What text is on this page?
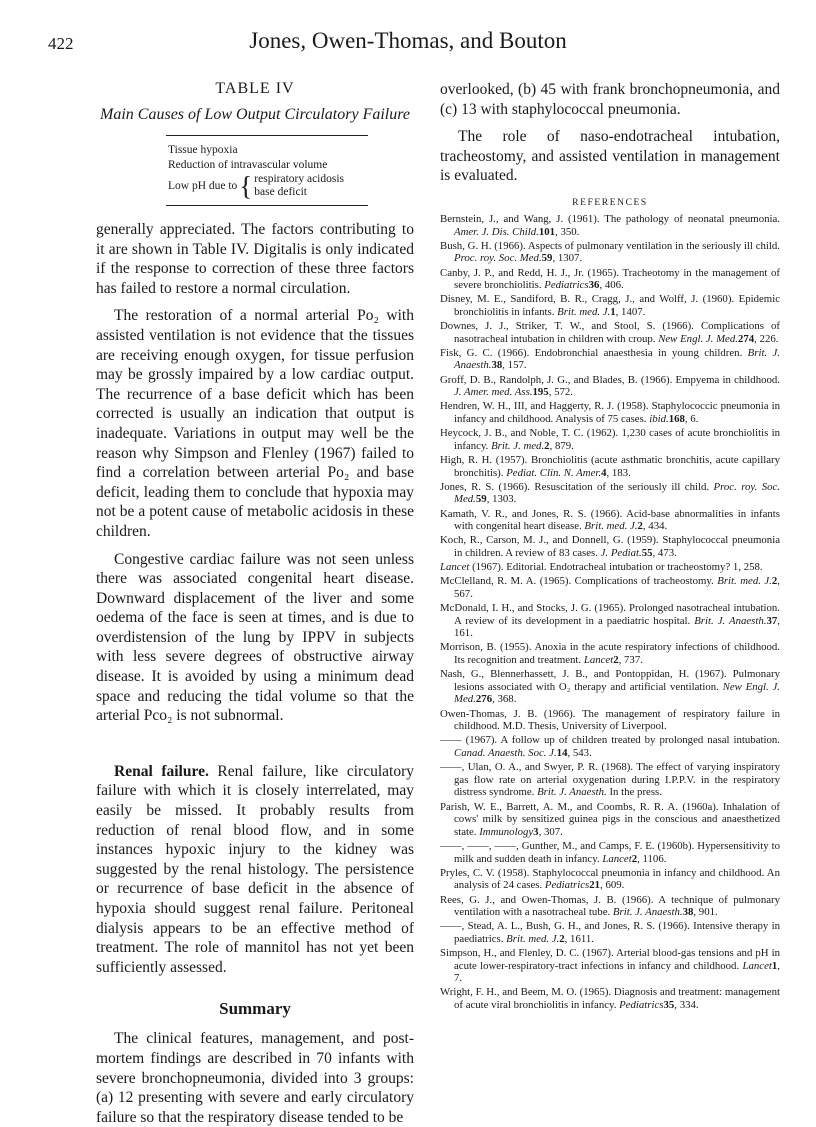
422	Jones, Owen-Thomas, and Bouton
TABLE IV
Main Causes of Low Output Circulatory Failure
Tissue hypoxia
Reduction of intravascular volume
Low pH due to { respiratory acidosis
base deficit

generally appreciated. The factors contributing to it are shown in Table IV. Digitalis is only indicated if the response to correction of these three factors has failed to restore a normal circulation.

The restoration of a normal arterial Po₂ with assisted ventilation is not evidence that the tissues are receiving enough oxygen, for tissue perfusion may be grossly impaired by a low cardiac output. The recurrence of a base deficit which has been corrected is usually an indication that output is inadequate. Variations in output may well be the reason why Simpson and Flenley (1967) failed to find a correlation between arterial Po₂ and base deficit, leading them to conclude that hypoxia may not be a potent cause of metabolic acidosis in these children.

Congestive cardiac failure was not seen unless there was associated congenital heart disease. Downward displacement of the liver and some oedema of the face is seen at times, and is due to overdistension of the lung by IPPV in subjects with less severe degrees of obstructive airway disease. It is avoided by using a minimum dead space and reducing the tidal volume so that the arterial Pco₂ is not subnormal.

Renal failure. Renal failure, like circulatory failure with which it is closely interrelated, may easily be missed. It probably results from reduction of renal blood flow, and in some instances hypoxic injury to the kidney was suggested by the renal histology. The persistence or recurrence of base deficit in the absence of hypoxia should suggest renal failure. Peritoneal dialysis appears to be an effective method of treatment. The role of mannitol has not yet been sufficiently assessed.

Summary

The clinical features, management, and post-mortem findings are described in 70 infants with severe bronchopneumonia, divided into 3 groups: (a) 12 presenting with severe and early circulatory failure so that the respiratory disease tended to be

overlooked, (b) 45 with frank bronchopneumonia, and (c) 13 with staphylococcal pneumonia.

The role of naso-endotracheal intubation, tracheostomy, and assisted ventilation in management is evaluated.

REFERENCES
Bernstein, J., and Wang, J. (1961). The pathology of neonatal pneumonia. Amer. J. Dis. Child.101, 350.
Bush, G. H. (1966). Aspects of pulmonary ventilation in the seriously ill child. Proc. roy. Soc. Med.59, 1307.
Canby, J. P., and Redd, H. J., Jr. (1965). Tracheotomy in the management of severe bronchiolitis. Pediatrics36, 406.
Disney, M. E., Sandiford, B. R., Cragg, J., and Wolff, J. (1960). Epidemic bronchiolitis in infants. Brit. med. J.1, 1407.
Downes, J. J., Striker, T. W., and Stool, S. (1966). Complications of nasotracheal intubation in children with croup. New Engl. J. Med.274, 226.
Fisk, G. C. (1966). Endobronchial anaesthesia in young children. Brit. J. Anaesth.38, 157.
Groff, D. B., Randolph, J. G., and Blades, B. (1966). Empyema in childhood. J. Amer. med. Ass.195, 572.
Hendren, W. H., III, and Haggerty, R. J. (1958). Staphylococcic pneumonia in infancy and childhood. Analysis of 75 cases. ibid.168, 6.
Heycock, J. B., and Noble, T. C. (1962). 1,230 cases of acute bronchiolitis in infancy. Brit. J. med.2, 879.
High, R. H. (1957). Bronchiolitis (acute asthmatic bronchitis, acute capillary bronchitis). Pediat. Clin. N. Amer.4, 183.
Jones, R. S. (1966). Resuscitation of the seriously ill child. Proc. roy. Soc. Med.59, 1303.
Kamath, V. R., and Jones, R. S. (1966). Acid-base abnormalities in infants with congenital heart disease. Brit. med. J.2, 434.
Koch, R., Carson, M. J., and Donnell, G. (1959). Staphylococcal pneumonia in children. A review of 83 cases. J. Pediat.55, 473.
Lancet (1967). Editorial. Endotracheal intubation or tracheostomy? 1, 258.
McClelland, R. M. A. (1965). Complications of tracheostomy. Brit. med. J.2, 567.
McDonald, I. H., and Stocks, J. G. (1965). Prolonged nasotracheal intubation. A review of its development in a paediatric hospital. Brit. J. Anaesth.37, 161.
Morrison, B. (1955). Anoxia in the acute respiratory infections of childhood. Its recognition and treatment. Lancet2, 737.
Nash, G., Blennerhassett, J. B., and Pontoppidan, H. (1967). Pulmonary lesions associated with O₂ therapy and artificial ventilation. New Engl. J. Med.276, 368.
Owen-Thomas, J. B. (1966). The management of respiratory failure in childhood. M.D. Thesis, University of Liverpool.
—— (1967). A follow up of children treated by prolonged nasal intubation. Canad. Anaesth. Soc. J.14, 543.
——, Ulan, O. A., and Swyer, P. R. (1968). The effect of varying inspiratory gas flow rate on arterial oxygenation during I.P.P.V. in the respiratory distress syndrome. Brit. J. Anaesth. In the press.
Parish, W. E., Barrett, A. M., and Coombs, R. R. A. (1960a). Inhalation of cows' milk by sensitized guinea pigs in the conscious and anaesthetized state. Immunology3, 307.
——, ——, ——, Gunther, M., and Camps, F. E. (1960b). Hypersensitivity to milk and sudden death in infancy. Lancet2, 1106.
Pryles, C. V. (1958). Staphylococcal pneumonia in infancy and childhood. An analysis of 24 cases. Pediatrics21, 609.
Rees, G. J., and Owen-Thomas, J. B. (1966). A technique of pulmonary ventilation with a nasotracheal tube. Brit. J. Anaesth.38, 901.
——, Stead, A. L., Bush, G. H., and Jones, R. S. (1966). Intensive therapy in paediatrics. Brit. med. J.2, 1611.
Simpson, H., and Flenley, D. C. (1967). Arterial blood-gas tensions and pH in acute lower-respiratory-tract infections in infancy and childhood. Lancet1, 7.
Wright, F. H., and Beem, M. O. (1965). Diagnosis and treatment: management of acute viral bronchiolitis in infancy. Pediatrics35, 334.
